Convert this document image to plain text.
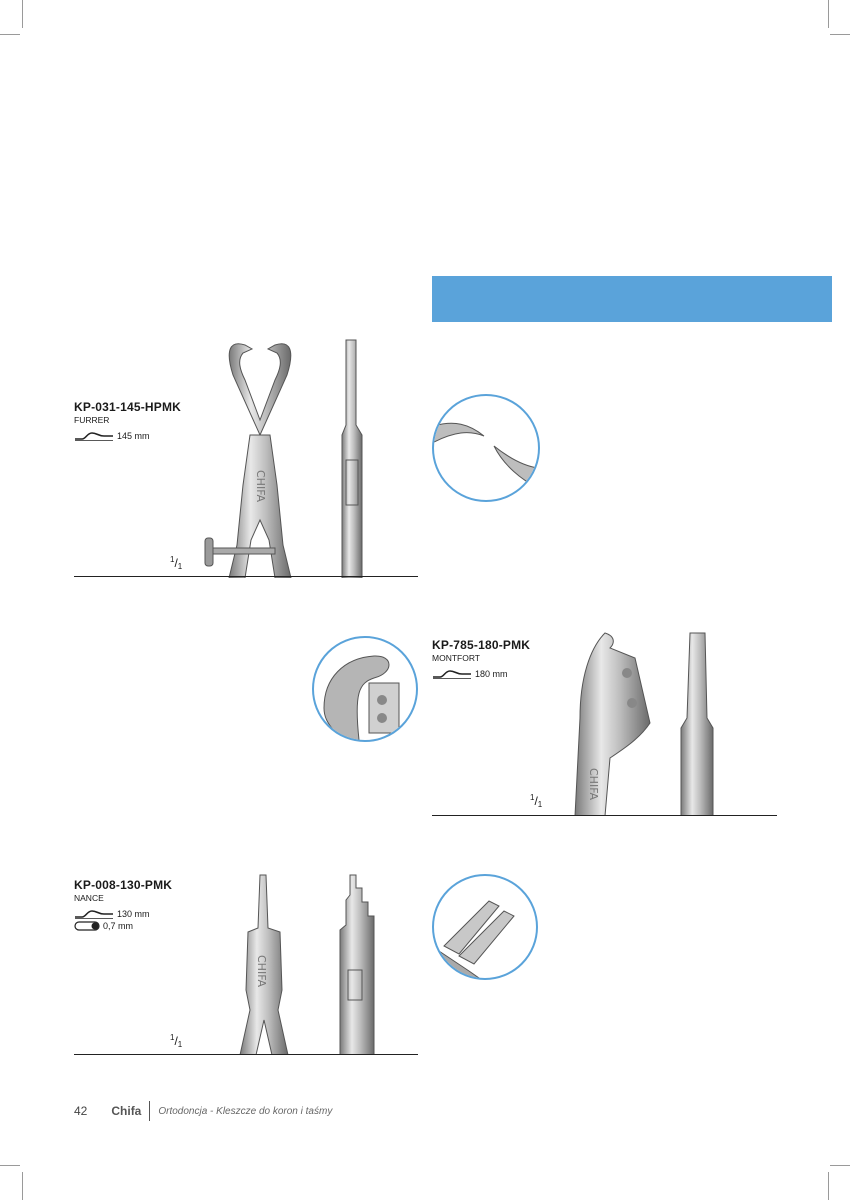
KP-031-145-HPMK
FURRER
145 mm
CHIFA
$^1/_1$
KP-785-180-PMK
MONTFORT
180 mm
CHIFA
$^1/_1$
KP-008-130-PMK
NANCE
130 mm
0,7 mm
CHIFA
$^1/_1$
42 Chifa Ortodoncja - Kleszcze do koron i taśmy
